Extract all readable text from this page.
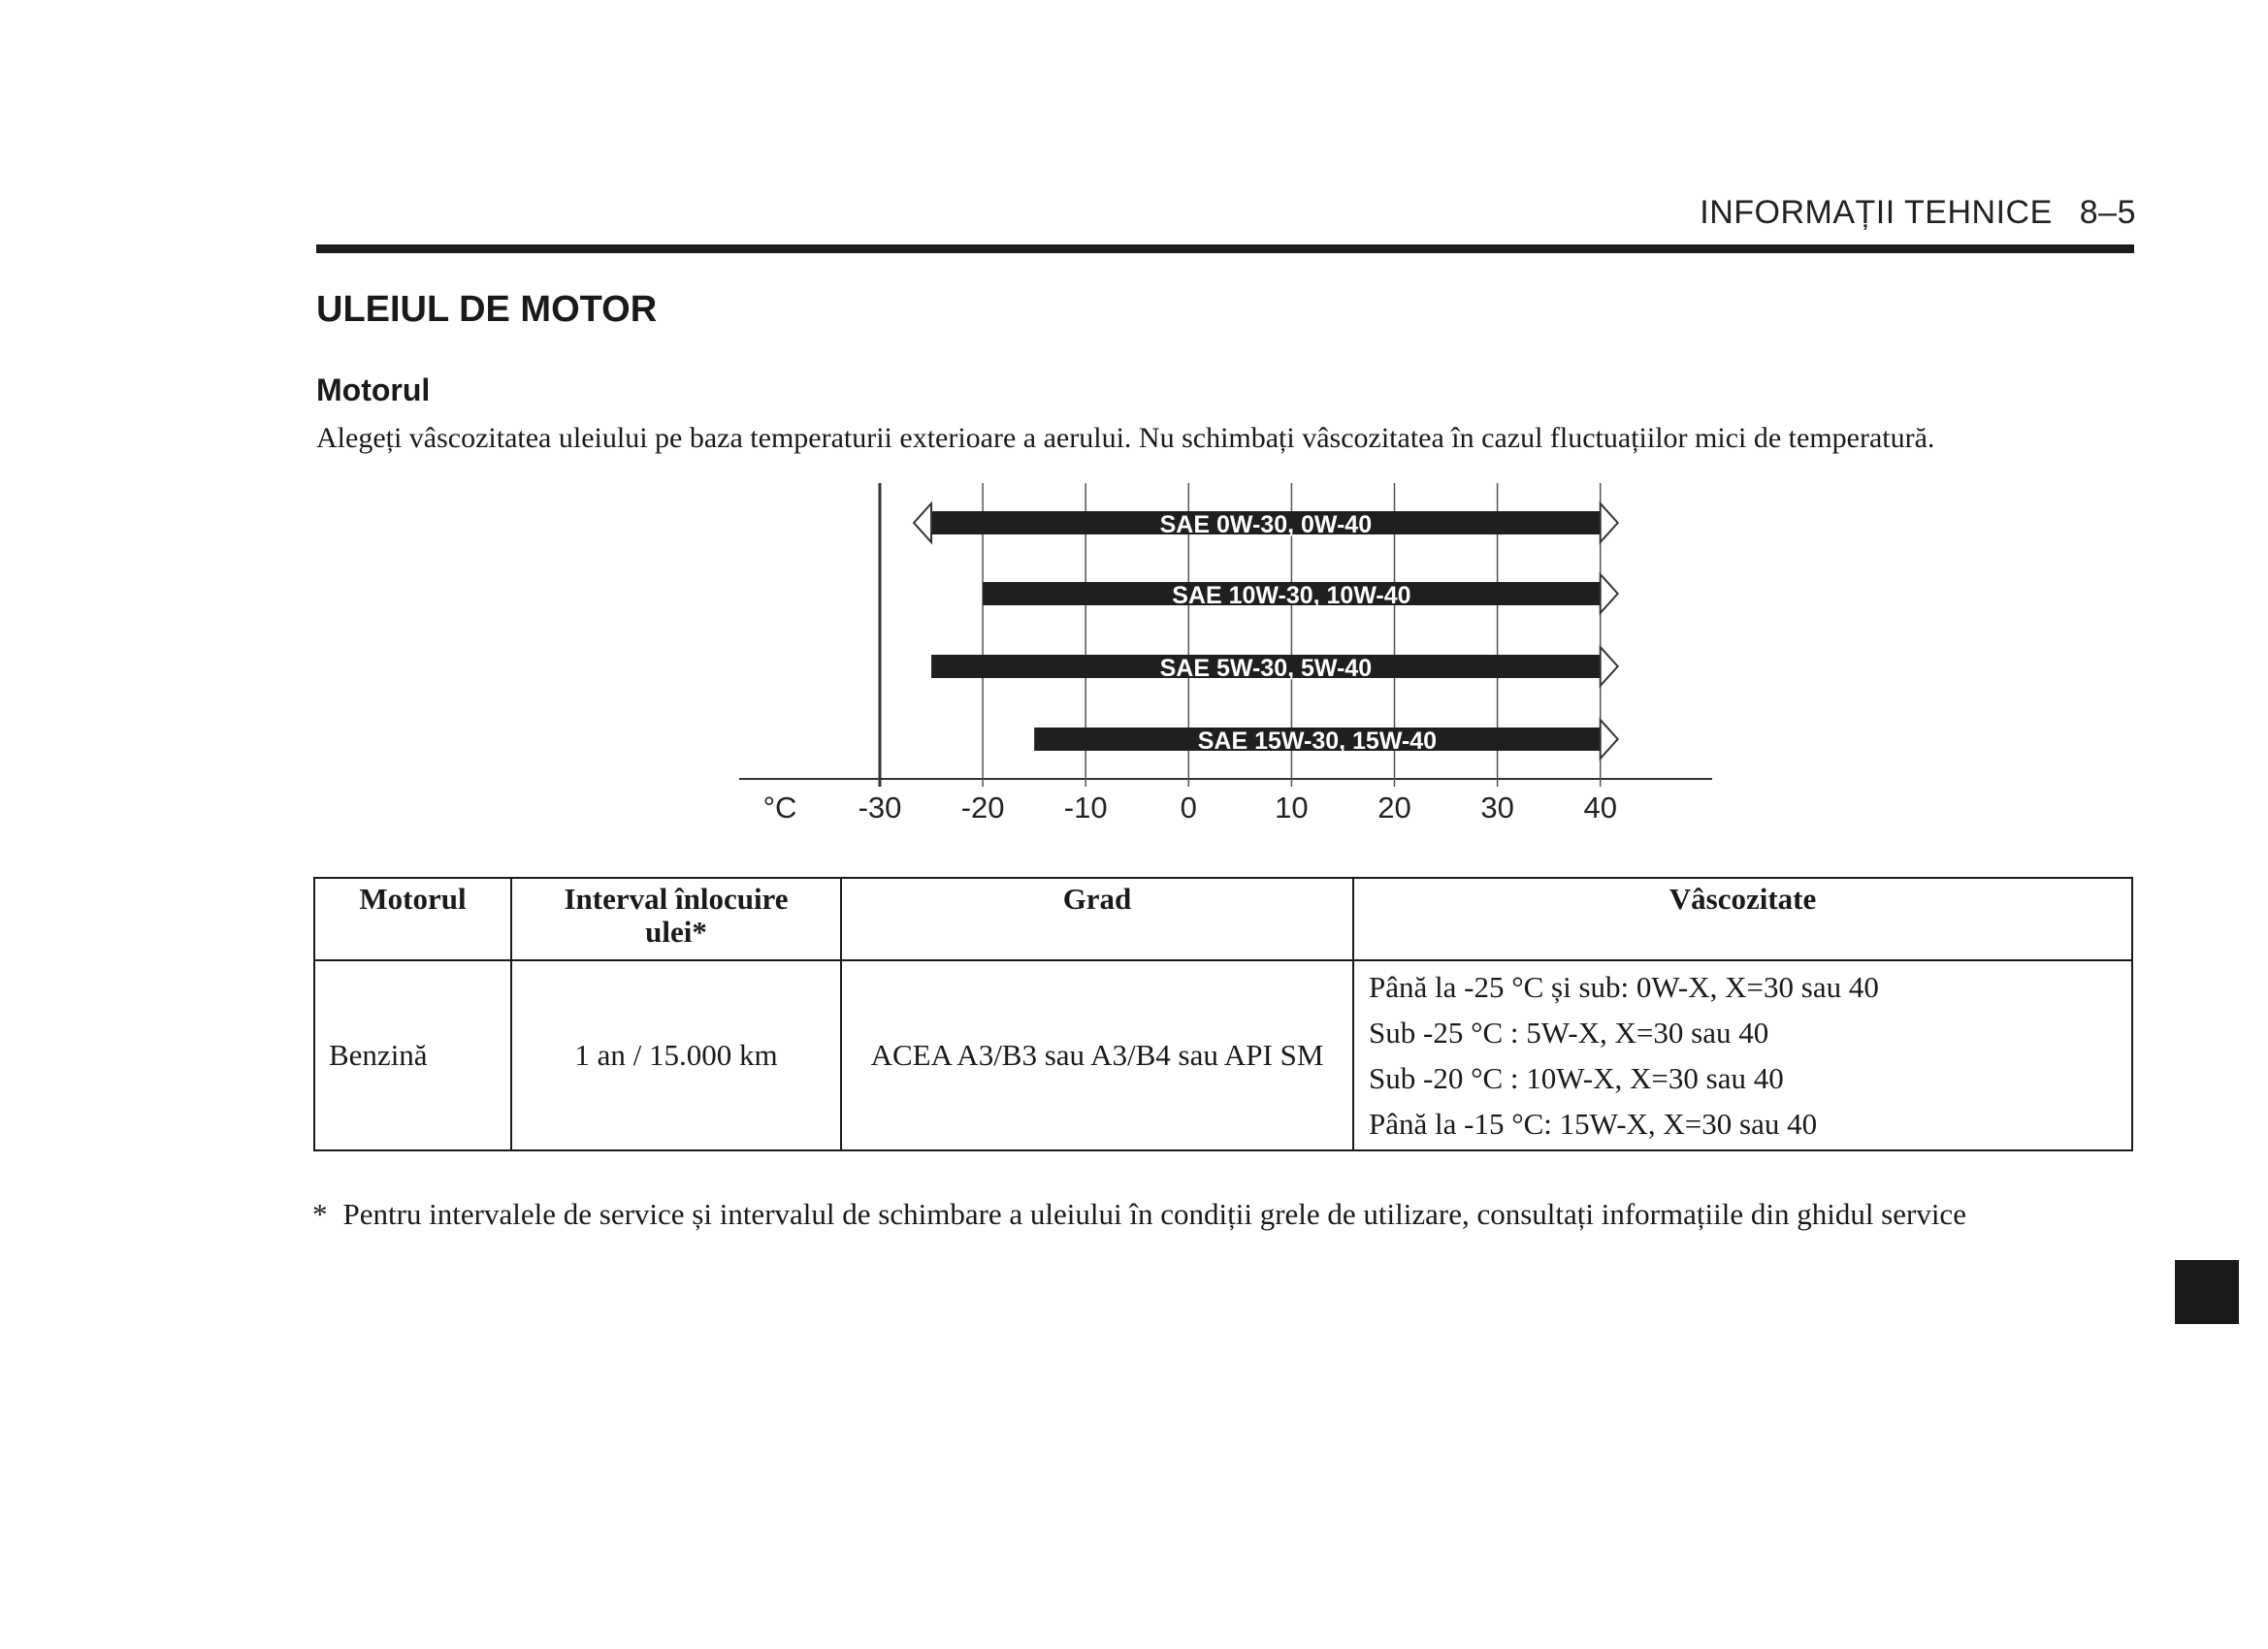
INFORMAȚII TEHNICE 8–5
ULEIUL DE MOTOR
Motorul

Alegeți vâscozitatea uleiului pe baza temperaturii exterioare a aerului. Nu schimbați vâscozitatea în cazul fluctuațiilor mici de temperatură.

-30 -20 -10 0	10 20 30 40
°C
SAE 0W-30, 0W-40
SAE 10W-30, 10W-40
SAE 5W-30, 5W-40
SAE 15W-30, 15W-40
Motorul	Interval înlocuire
ulei*	Grad	Vâscozitate
Benzină	1 an / 15.000 km	ACEA A3/B3 sau A3/B4 sau API SM	Până la -25 °C și sub: 0W-X, X=30 sau 40
Sub -25 °C : 5W-X, X=30 sau 40
Sub -20 °C : 10W-X, X=30 sau 40
Până la -15 °C: 15W-X, X=30 sau 40

* Pentru intervalele de service și intervalul de schimbare a uleiului în condiții grele de utilizare, consultați informațiile din ghidul service
